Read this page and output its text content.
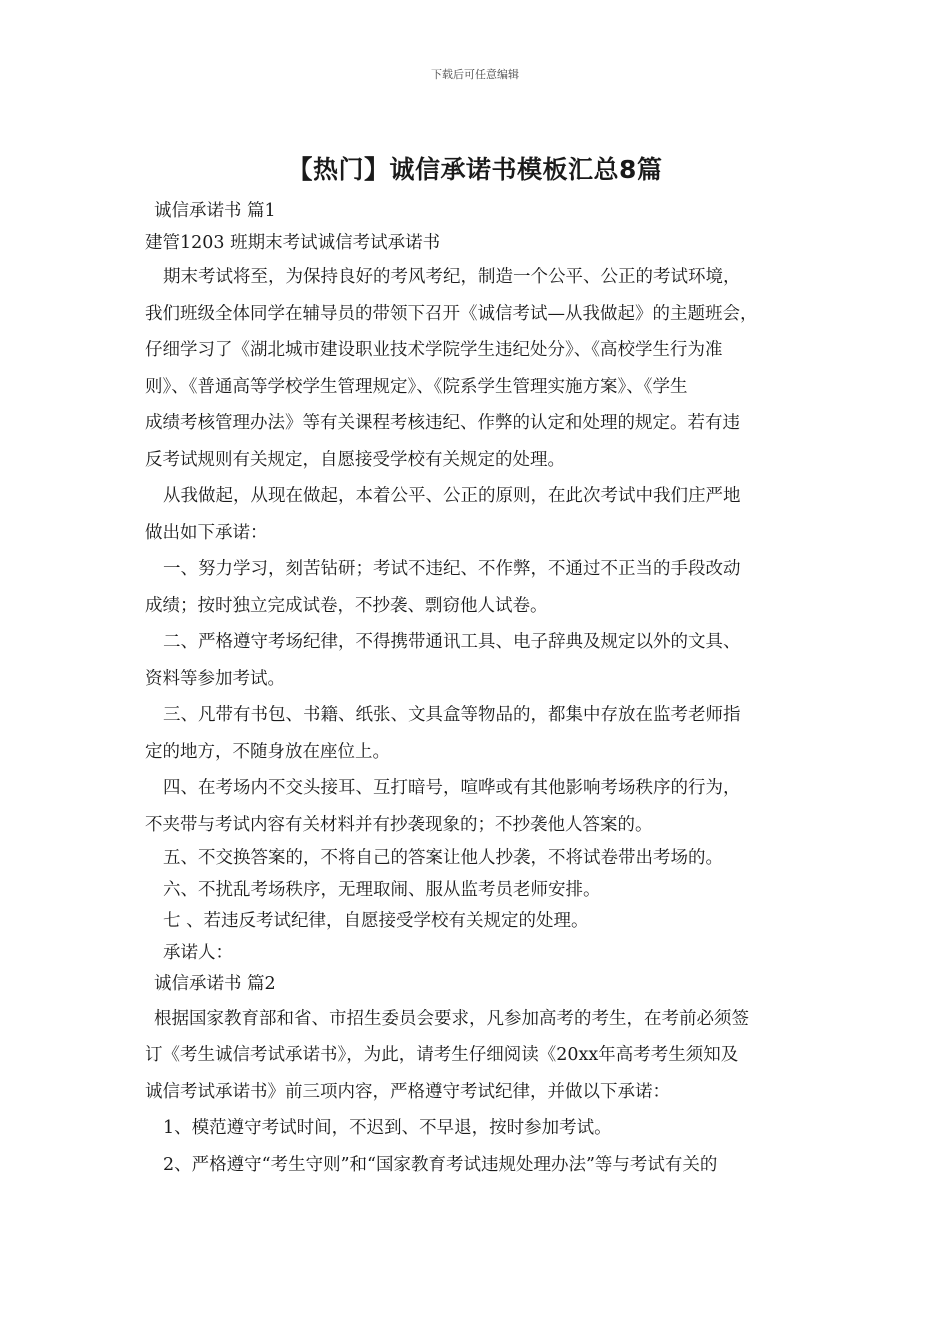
下载后可任意编辑
【热门】诚信承诺书模板汇总8篇

诚信承诺书 篇1

建管1203 班期末考试诚信考试承诺书

期末考试将至，为保持良好的考风考纪，制造一个公平、公正的考试环境，

我们班级全体同学在辅导员的带领下召开《诚信考试—从我做起》的主题班会，

仔细学习了《湖北城市建设职业技术学院学生违纪处分》、《高校学生行为准

则》、《普通高等学校学生管理规定》、《院系学生管理实施方案》、《学生

成绩考核管理办法》等有关课程考核违纪、作弊的认定和处理的规定。若有违

反考试规则有关规定，自愿接受学校有关规定的处理。

从我做起，从现在做起，本着公平、公正的原则，在此次考试中我们庄严地

做出如下承诺：

一、努力学习，刻苦钻研；考试不违纪、不作弊，不通过不正当的手段改动

成绩；按时独立完成试卷，不抄袭、剽窃他人试卷。

二、严格遵守考场纪律，不得携带通讯工具、电子辞典及规定以外的文具、

资料等参加考试。

三、凡带有书包、书籍、纸张、文具盒等物品的，都集中存放在监考老师指

定的地方，不随身放在座位上。

四、在考场内不交头接耳、互打暗号，喧哗或有其他影响考场秩序的行为，

不夹带与考试内容有关材料并有抄袭现象的；不抄袭他人答案的。

五、不交换答案的，不将自己的答案让他人抄袭，不将试卷带出考场的。

六、不扰乱考场秩序，无理取闹、服从监考员老师安排。

七 、若违反考试纪律，自愿接受学校有关规定的处理。

承诺人：

诚信承诺书 篇2

根据国家教育部和省、市招生委员会要求，凡参加高考的考生，在考前必须签

订《考生诚信考试承诺书》，为此，请考生仔细阅读《20xx年高考考生须知及

诚信考试承诺书》前三项内容，严格遵守考试纪律，并做以下承诺：

1、模范遵守考试时间，不迟到、不早退，按时参加考试。

2、严格遵守“考生守则”和“国家教育考试违规处理办法”等与考试有关的
